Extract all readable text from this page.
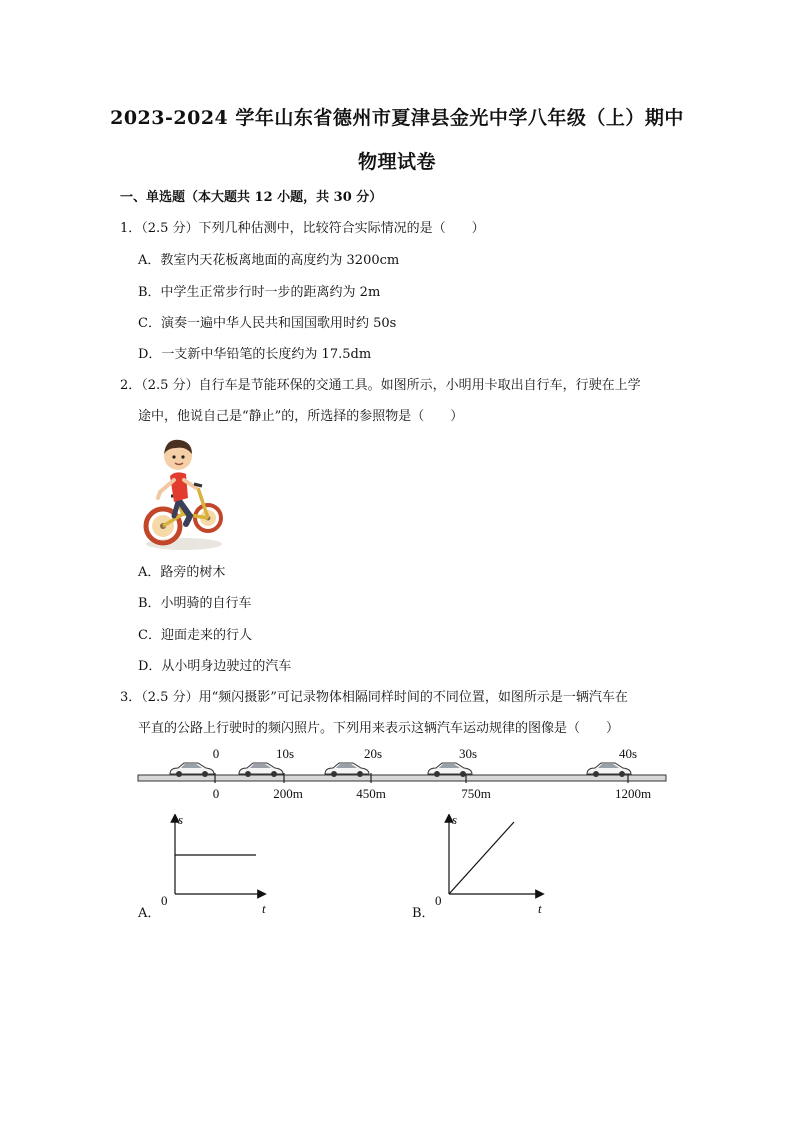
2023-2024 学年山东省德州市夏津县金光中学八年级（上）期中
物理试卷
一、单选题（本大题共 12 小题，共 30 分）
1．（2.5 分）下列几种估测中，比较符合实际情况的是（　　）
A．教室内天花板离地面的高度约为 3200cm
B．中学生正常步行时一步的距离约为 2m
C．演奏一遍中华人民共和国国歌用时约 50s
D．一支新中华铅笔的长度约为 17.5dm
2．（2.5 分）自行车是节能环保的交通工具。如图所示，小明用卡取出自行车，行驶在上学
途中，他说自己是“静止”的，所选择的参照物是（　　）
A．路旁的树木
B．小明骑的自行车
C．迎面走来的行人
D．从小明身边驶过的汽车
3．（2.5 分）用“频闪摄影”可记录物体相隔同样时间的不同位置，如图所示是一辆汽车在
平直的公路上行驶时的频闪照片。下列用来表示这辆汽车运动规律的图像是（　　）
0	10s	20s	30s	40s
0	200m	450m	750m	1200m
s
t
0
A．
s
t
0
B．
